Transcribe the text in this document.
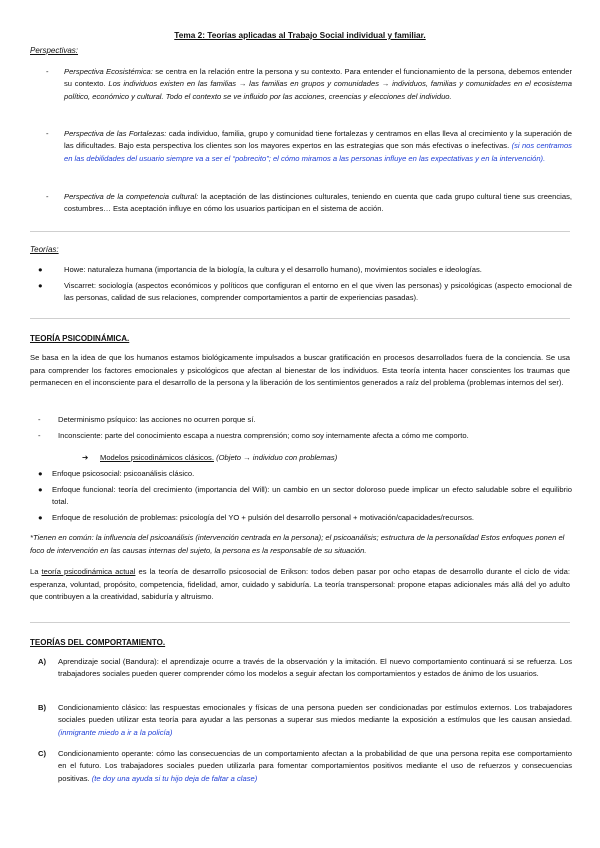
Tema 2: Teorías aplicadas al Trabajo Social individual y familiar.
Perspectivas:
- Perspectiva Ecosistémica: se centra en la relación entre la persona y su contexto. Para entender el funcionamiento de la persona, debemos entender su contexto. Los individuos existen en las familias → las familias en grupos y comunidades → individuos, familias y comunidades en el ecosistema político, económico y cultural. Todo el contexto se ve influido por las acciones, creencias y elecciones del individuo.
- Perspectiva de las Fortalezas: cada individuo, familia, grupo y comunidad tiene fortalezas y centramos en ellas lleva al crecimiento y la superación de las dificultades. Bajo esta perspectiva los clientes son los mayores expertos en las estrategias que son más efectivas o inefectivas. (si nos centramos en las debilidades del usuario siempre va a ser el “pobrecito”; el cómo miramos a las personas influye en las expectativas y en la intervención).
- Perspectiva de la competencia cultural: la aceptación de las distinciones culturales, teniendo en cuenta que cada grupo cultural tiene sus creencias, costumbres… Esta aceptación influye en cómo los usuarios participan en el sistema de acción.
Teorías:
●	Howe: naturaleza humana (importancia de la biología, la cultura y el desarrollo humano), movimientos sociales e ideologías.
●	Viscarret: sociología (aspectos económicos y políticos que configuran el entorno en el que viven las personas) y psicológicas (aspecto emocional de las personas, calidad de sus relaciones, comprender comportamientos a partir de experiencias pasadas).
TEORÍA PSICODINÁMICA.
Se basa en la idea de que los humanos estamos biológicamente impulsados a buscar gratificación en procesos desarrollados fuera de la conciencia. Se usa para comprender los factores emocionales y psicológicos que afectan al bienestar de los individuos. Esta teoría intenta hacer conscientes los traumas que permanecen en el inconsciente para el desarrollo de la persona y la liberación de los sentimientos generados a raíz del problema (problemas internos del ser).
- Determinismo psíquico: las acciones no ocurren porque sí.
- Inconsciente: parte del conocimiento escapa a nuestra comprensión; como soy internamente afecta a cómo me comporto.
➔ Modelos psicodinámicos clásicos. (Objeto → individuo con problemas)
● Enfoque psicosocial: psicoanálisis clásico.
● Enfoque funcional: teoría del crecimiento (importancia del Will): un cambio en un sector doloroso puede implicar un efecto saludable sobre el equilibrio total.
● Enfoque de resolución de problemas: psicología del YO + pulsión del desarrollo personal + motivación/capacidades/recursos.
*Tienen en común: la influencia del psicoanálisis (intervención centrada en la persona); el psicoanálisis; estructura de la personalidad Estos enfoques ponen el foco de intervención en las causas internas del sujeto, la persona es la responsable de su situación.
La teoría psicodinámica actual es la teoría de desarrollo psicosocial de Erikson: todos deben pasar por ocho etapas de desarrollo durante el ciclo de vida: esperanza, voluntad, propósito, competencia, fidelidad, amor, cuidado y sabiduría. La teoría transpersonal: propone etapas adicionales más allá del yo adulto que contribuyen a la creatividad, sabiduría y altruismo.
TEORÍAS DEL COMPORTAMIENTO.
A) Aprendizaje social (Bandura): el aprendizaje ocurre a través de la observación y la imitación. El nuevo comportamiento continuará si se refuerza. Los trabajadores sociales pueden querer comprender cómo los modelos a seguir afectan los comportamientos y estados de ánimo de los usuarios.
B) Condicionamiento clásico: las respuestas emocionales y físicas de una persona pueden ser condicionadas por estímulos externos. Los trabajadores sociales pueden utilizar esta teoría para ayudar a las personas a superar sus miedos mediante la exposición a estímulos que les causan ansiedad.(inmigrante miedo a ir a la policía)
C) Condicionamiento operante: cómo las consecuencias de un comportamiento afectan a la probabilidad de que una persona repita ese comportamiento en el futuro. Los trabajadores sociales pueden utilizarla para fomentar comportamientos positivos mediante el uso de refuerzos y consecuencias positivas. (te doy una ayuda si tu hijo deja de faltar a clase)
